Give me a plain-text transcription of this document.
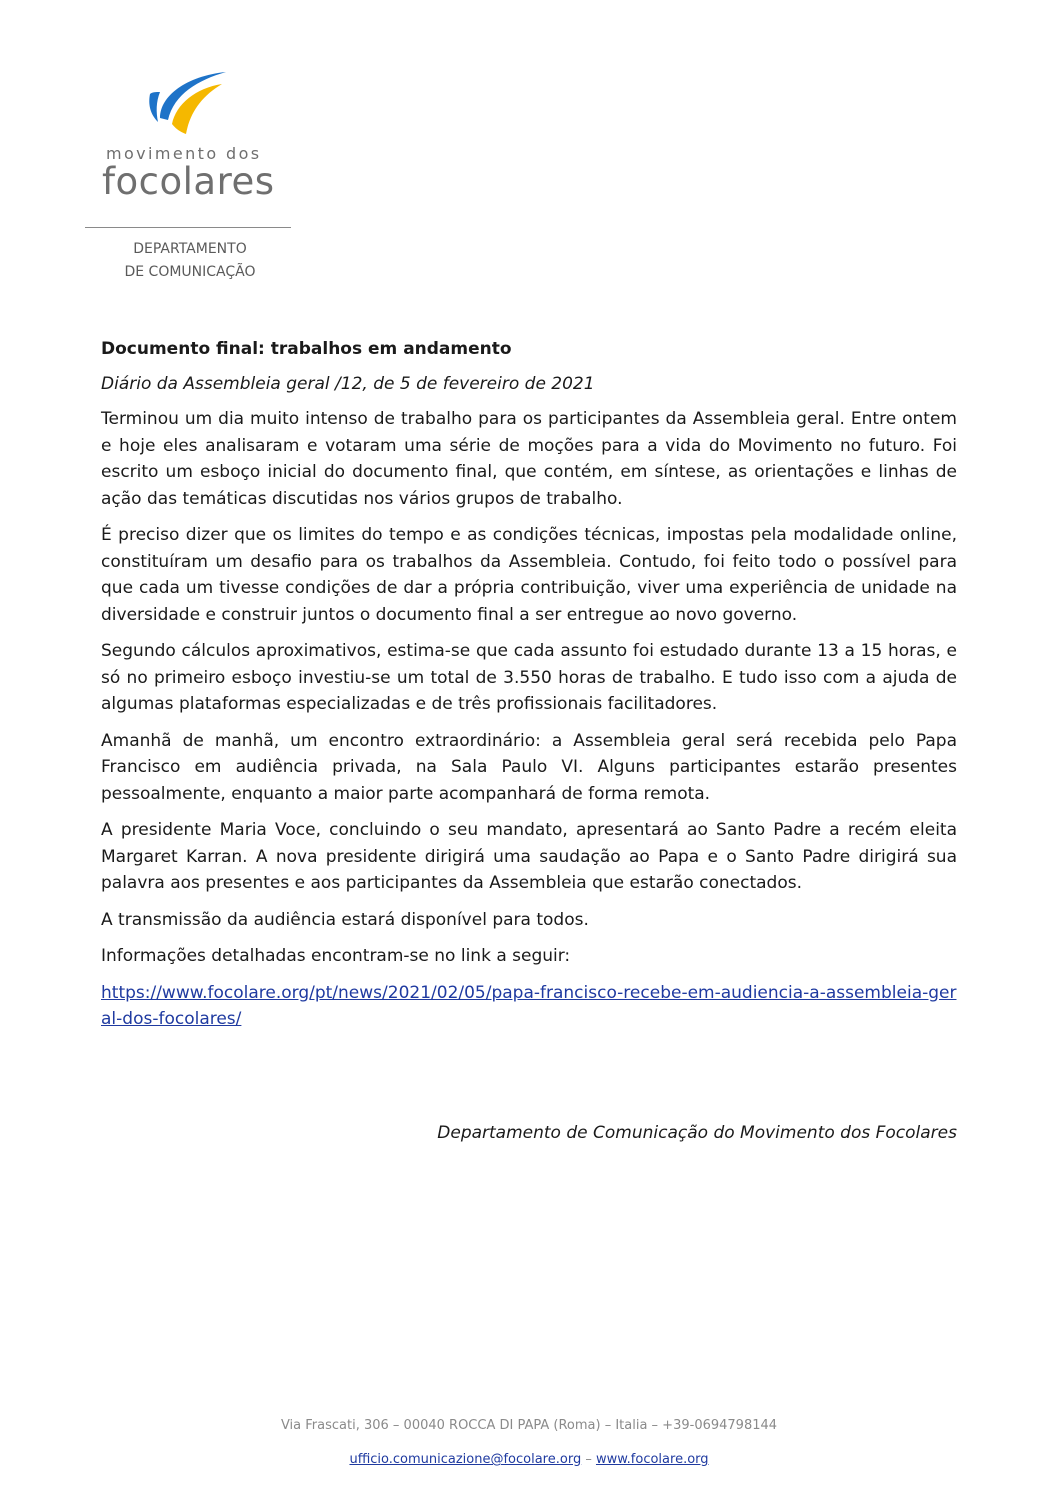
movimento dos
focolares
DEPARTAMENTO
DE COMUNICAÇÃO
Documento final: trabalhos em andamento
Diário da Assembleia geral /12, de 5 de fevereiro de 2021

Terminou um dia muito intenso de trabalho para os participantes da Assembleia geral. Entre ontem e hoje eles analisaram e votaram uma série de moções para a vida do Movimento no futuro. Foi escrito um esboço inicial do documento final, que contém, em síntese, as orientações e linhas de ação das temáticas discutidas nos vários grupos de trabalho.

É preciso dizer que os limites do tempo e as condições técnicas, impostas pela modalidade online, constituíram um desafio para os trabalhos da Assembleia. Contudo, foi feito todo o possível para que cada um tivesse condições de dar a própria contribuição, viver uma experiência de unidade na diversidade e construir juntos o documento final a ser entregue ao novo governo.

Segundo cálculos aproximativos, estima-se que cada assunto foi estudado durante 13 a 15 horas, e só no primeiro esboço investiu-se um total de 3.550 horas de trabalho. E tudo isso com a ajuda de algumas plataformas especializadas e de três profissionais facilitadores.

Amanhã de manhã, um encontro extraordinário: a Assembleia geral será recebida pelo Papa Francisco em audiência privada, na Sala Paulo VI. Alguns participantes estarão presentes pessoalmente, enquanto a maior parte acompanhará de forma remota.

A presidente Maria Voce, concluindo o seu mandato, apresentará ao Santo Padre a recém eleita Margaret Karran. A nova presidente dirigirá uma saudação ao Papa e o Santo Padre dirigirá sua palavra aos presentes e aos participantes da Assembleia que estarão conectados.

A transmissão da audiência estará disponível para todos.

Informações detalhadas encontram-se no link a seguir:

https://www.focolare.org/pt/news/2021/02/05/papa-francisco-recebe-em-audiencia-a-assembleia-geral-dos-focolares/
Departamento de Comunicação do Movimento dos Focolares
Via Frascati, 306 – 00040 ROCCA DI PAPA (Roma) – Italia – +39-0694798144
ufficio.comunicazione@focolare.org – www.focolare.org
